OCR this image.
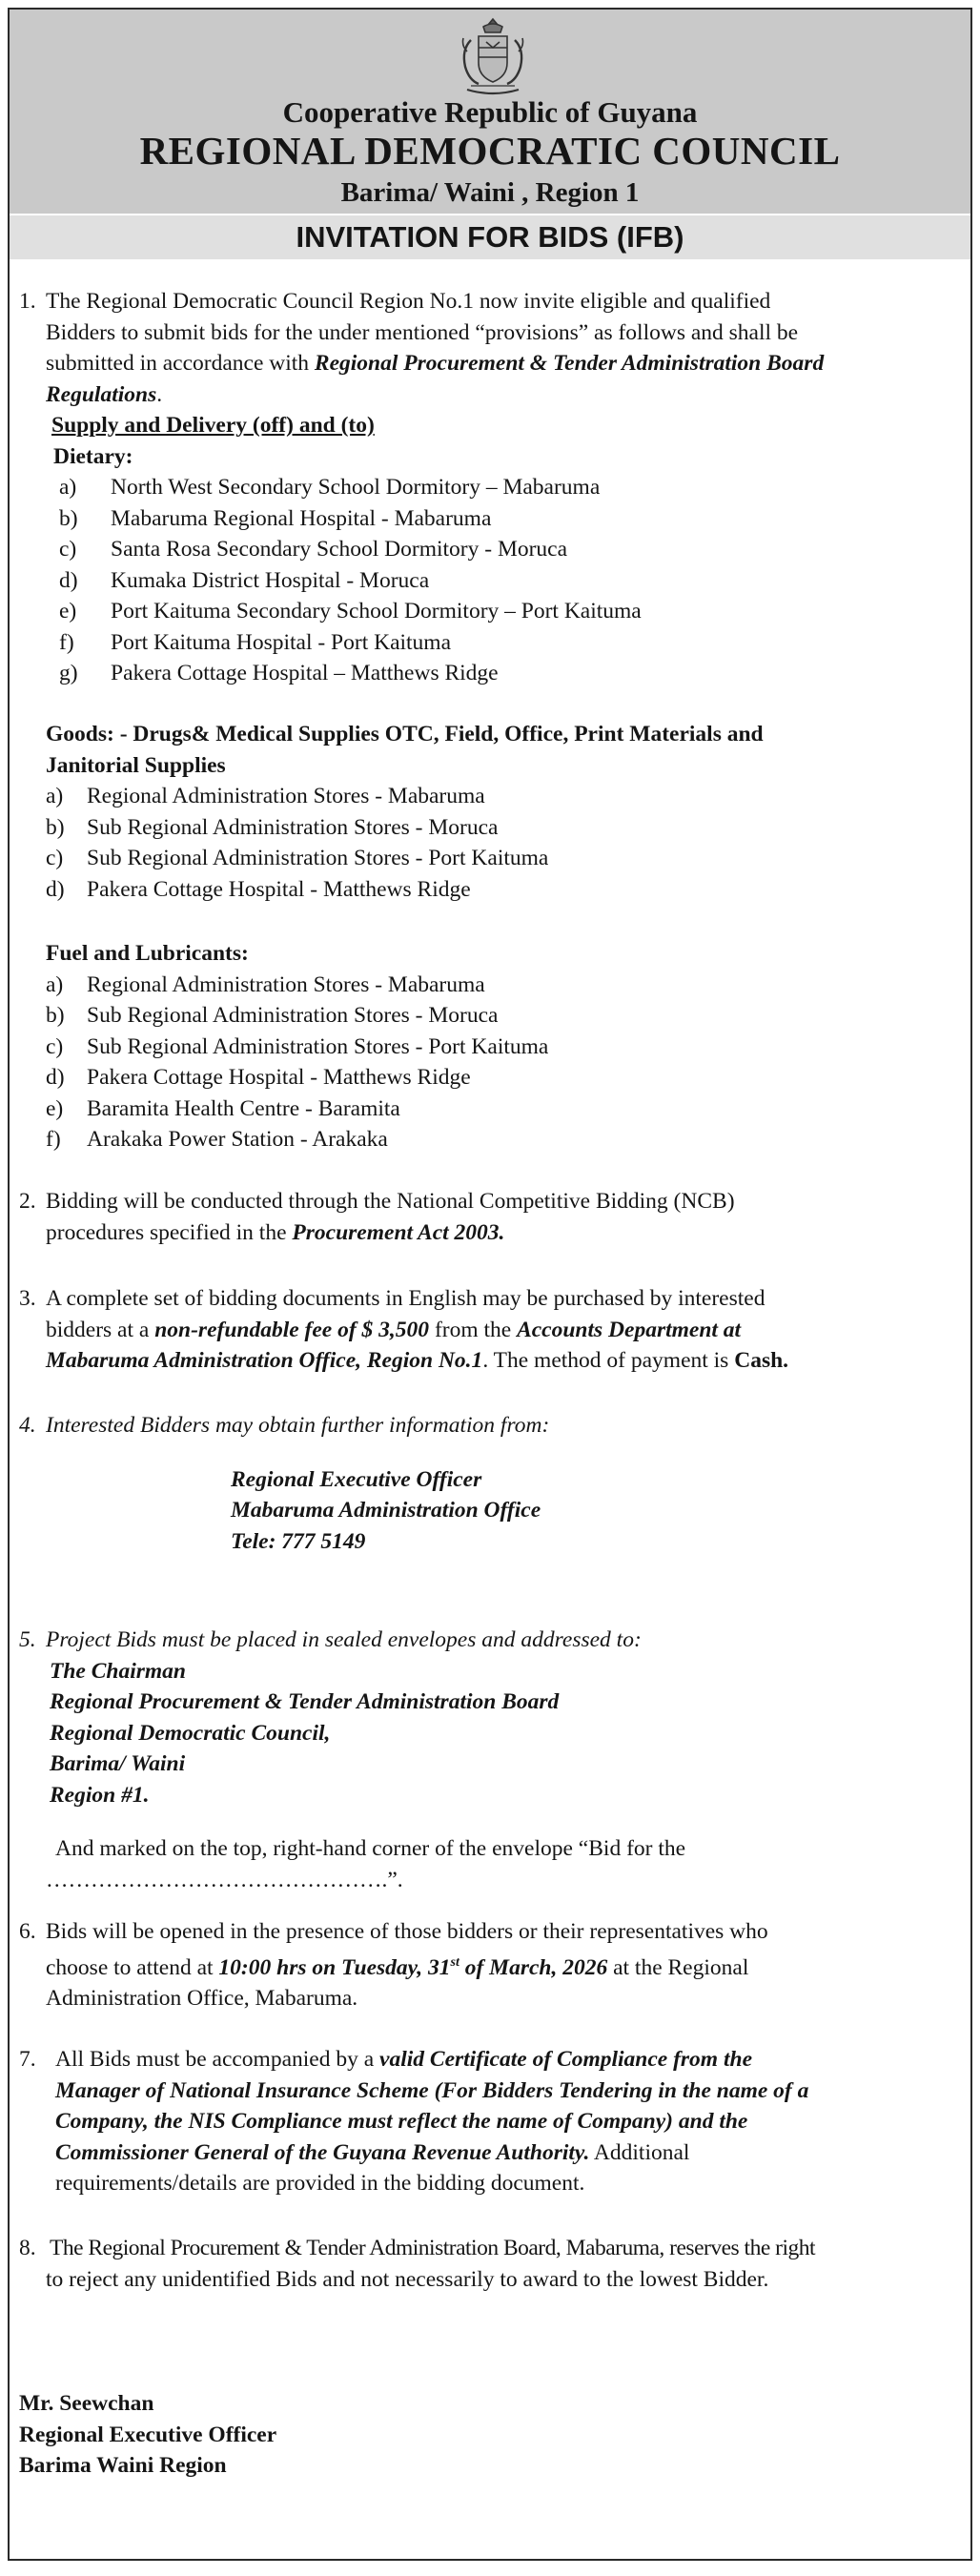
Cooperative Republic of Guyana
REGIONAL DEMOCRATIC COUNCIL
Barima/ Waini , Region 1
INVITATION FOR BIDS (IFB)
1. The Regional Democratic Council Region No.1 now invite eligible and qualified

Bidders to submit bids for the under mentioned “provisions” as follows and shall be

submitted in accordance with Regional Procurement & Tender Administration Board

Regulations.

Supply and Delivery (off) and (to)

Dietary:

a)	North West Secondary School Dormitory – Mabaruma
b)	Mabaruma Regional Hospital - Mabaruma
c)	Santa Rosa Secondary School Dormitory - Moruca
d)	Kumaka District Hospital - Moruca
e)	Port Kaituma Secondary School Dormitory – Port Kaituma
f)	Port Kaituma Hospital - Port Kaituma
g)	Pakera Cottage Hospital – Matthews Ridge

Goods: - Drugs& Medical Supplies OTC, Field, Office, Print Materials and

Janitorial Supplies

a) Regional Administration Stores - Mabaruma
b) Sub Regional Administration Stores - Moruca
c) Sub Regional Administration Stores - Port Kaituma
d) Pakera Cottage Hospital - Matthews Ridge

Fuel and Lubricants:

a) Regional Administration Stores - Mabaruma
b) Sub Regional Administration Stores - Moruca
c) Sub Regional Administration Stores - Port Kaituma
d) Pakera Cottage Hospital - Matthews Ridge
e) Baramita Health Centre - Baramita
f) Arakaka Power Station - Arakaka
2. Bidding will be conducted through the National Competitive Bidding (NCB)

procedures specified in the Procurement Act 2003.

3. A complete set of bidding documents in English may be purchased by interested

bidders at a non-refundable fee of $ 3,500 from the Accounts Department at

Mabaruma Administration Office, Region No.1. The method of payment is Cash.

4. Interested Bidders may obtain further information from:

Regional Executive Officer

Mabaruma Administration Office

Tele: 777 5149

5. Project Bids must be placed in sealed envelopes and addressed to:

The Chairman

Regional Procurement & Tender Administration Board

Regional Democratic Council,

Barima/ Waini

Region #1.

And marked on the top, right-hand corner of the envelope “Bid for the

……………………………………….”.

6. Bids will be opened in the presence of those bidders or their representatives who

choose to attend at 10:00 hrs on Tuesday, 31st of March, 2026 at the Regional

Administration Office, Mabaruma.

7. All Bids must be accompanied by a valid Certificate of Compliance from the

Manager of National Insurance Scheme (For Bidders Tendering in the name of a

Company, the NIS Compliance must reflect the name of Company) and the

Commissioner General of the Guyana Revenue Authority. Additional

requirements/details are provided in the bidding document.

8. The Regional Procurement & Tender Administration Board, Mabaruma, reserves the right

to reject any unidentified Bids and not necessarily to award to the lowest Bidder.

Mr. Seewchan

Regional Executive Officer

Barima Waini Region
